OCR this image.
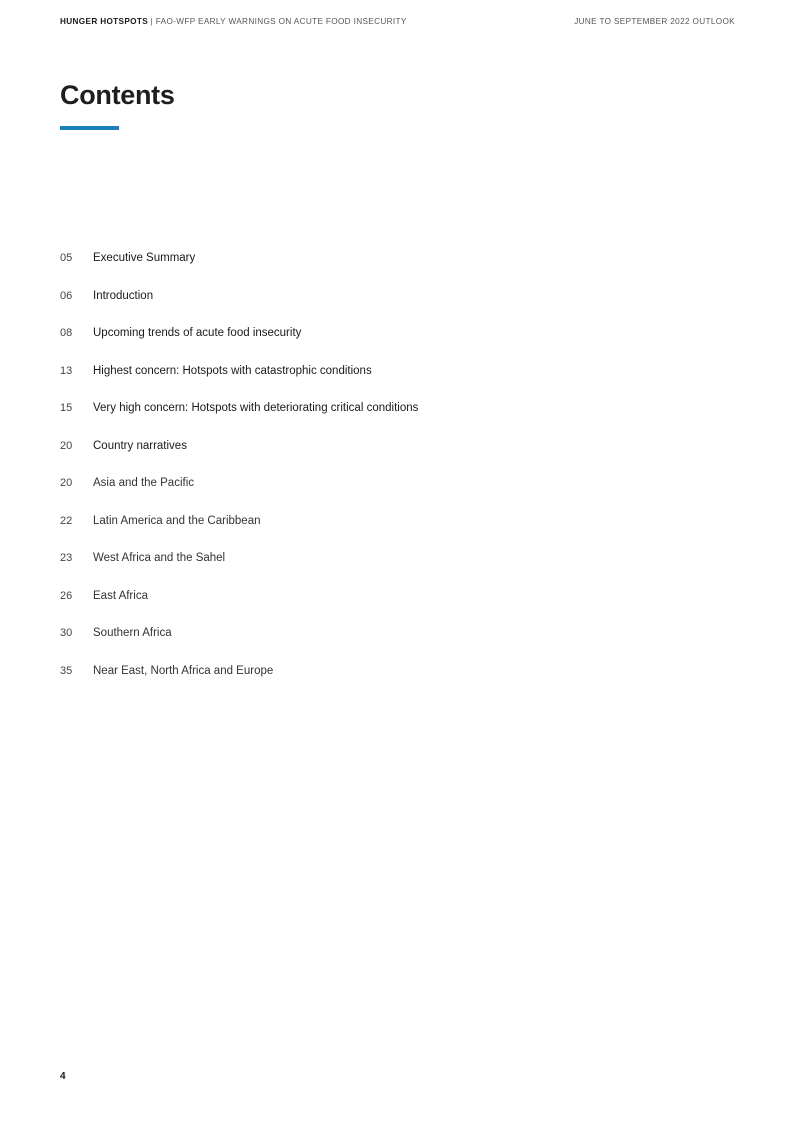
HUNGER HOTSPOTS | FAO-WFP EARLY WARNINGS ON ACUTE FOOD INSECURITY	JUNE TO SEPTEMBER 2022 OUTLOOK
Contents
05 Executive Summary
06 Introduction
08 Upcoming trends of acute food insecurity
13 Highest concern: Hotspots with catastrophic conditions
15 Very high concern: Hotspots with deteriorating critical conditions
20 Country narratives
20 Asia and the Pacific
22 Latin America and the Caribbean
23 West Africa and the Sahel
26 East Africa
30 Southern Africa
35 Near East, North Africa and Europe
4
